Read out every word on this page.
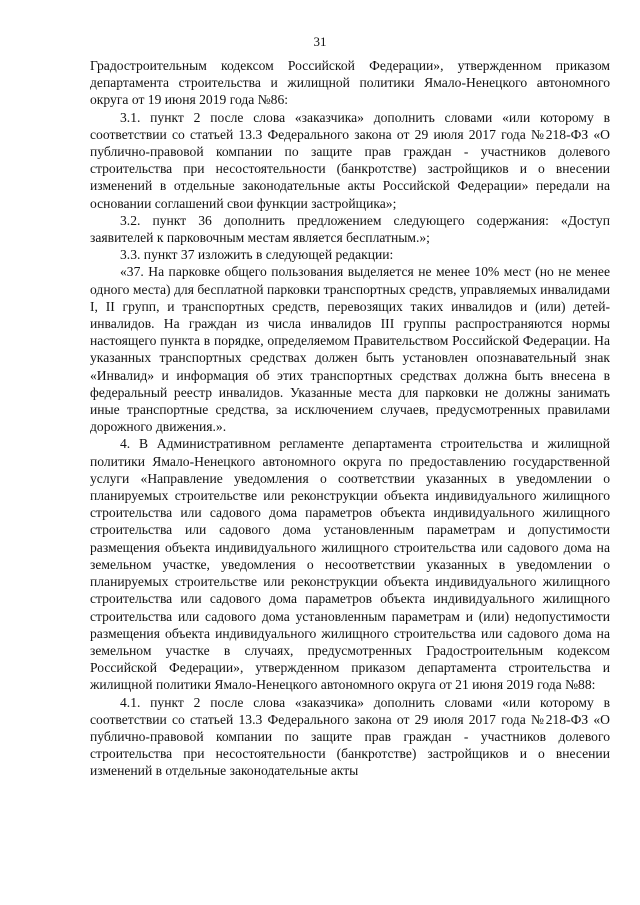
31

Градостроительным кодексом Российской Федерации», утвержденном приказом департамента строительства и жилищной политики Ямало-Ненецкого автономного округа от 19 июня 2019 года №86:

3.1. пункт 2 после слова «заказчика» дополнить словами «или которому в соответствии со статьей 13.3 Федерального закона от 29 июля 2017 года №218-ФЗ «О публично-правовой компании по защите прав граждан - участников долевого строительства при несостоятельности (банкротстве) застройщиков и о внесении изменений в отдельные законодательные акты Российской Федерации» передали на основании соглашений свои функции застройщика»;

3.2. пункт 36 дополнить предложением следующего содержания: «Доступ заявителей к парковочным местам является бесплатным.»;

3.3. пункт 37 изложить в следующей редакции:

«37. На парковке общего пользования выделяется не менее 10% мест (но не менее одного места) для бесплатной парковки транспортных средств, управляемых инвалидами I, II групп, и транспортных средств, перевозящих таких инвалидов и (или) детей-инвалидов. На граждан из числа инвалидов III группы распространяются нормы настоящего пункта в порядке, определяемом Правительством Российской Федерации. На указанных транспортных средствах должен быть установлен опознавательный знак «Инвалид» и информация об этих транспортных средствах должна быть внесена в федеральный реестр инвалидов. Указанные места для парковки не должны занимать иные транспортные средства, за исключением случаев, предусмотренных правилами дорожного движения.».

4. В Административном регламенте департамента строительства и жилищной политики Ямало-Ненецкого автономного округа по предоставлению государственной услуги «Направление уведомления о соответствии указанных в уведомлении о планируемых строительстве или реконструкции объекта индивидуального жилищного строительства или садового дома параметров объекта индивидуального жилищного строительства или садового дома установленным параметрам и допустимости размещения объекта индивидуального жилищного строительства или садового дома на земельном участке, уведомления о несоответствии указанных в уведомлении о планируемых строительстве или реконструкции объекта индивидуального жилищного строительства или садового дома параметров объекта индивидуального жилищного строительства или садового дома установленным параметрам и (или) недопустимости размещения объекта индивидуального жилищного строительства или садового дома на земельном участке в случаях, предусмотренных Градостроительным кодексом Российской Федерации», утвержденном приказом департамента строительства и жилищной политики Ямало-Ненецкого автономного округа от 21 июня 2019 года №88:

4.1. пункт 2 после слова «заказчика» дополнить словами «или которому в соответствии со статьей 13.3 Федерального закона от 29 июля 2017 года №218-ФЗ «О публично-правовой компании по защите прав граждан - участников долевого строительства при несостоятельности (банкротстве) застройщиков и о внесении изменений в отдельные законодательные акты
